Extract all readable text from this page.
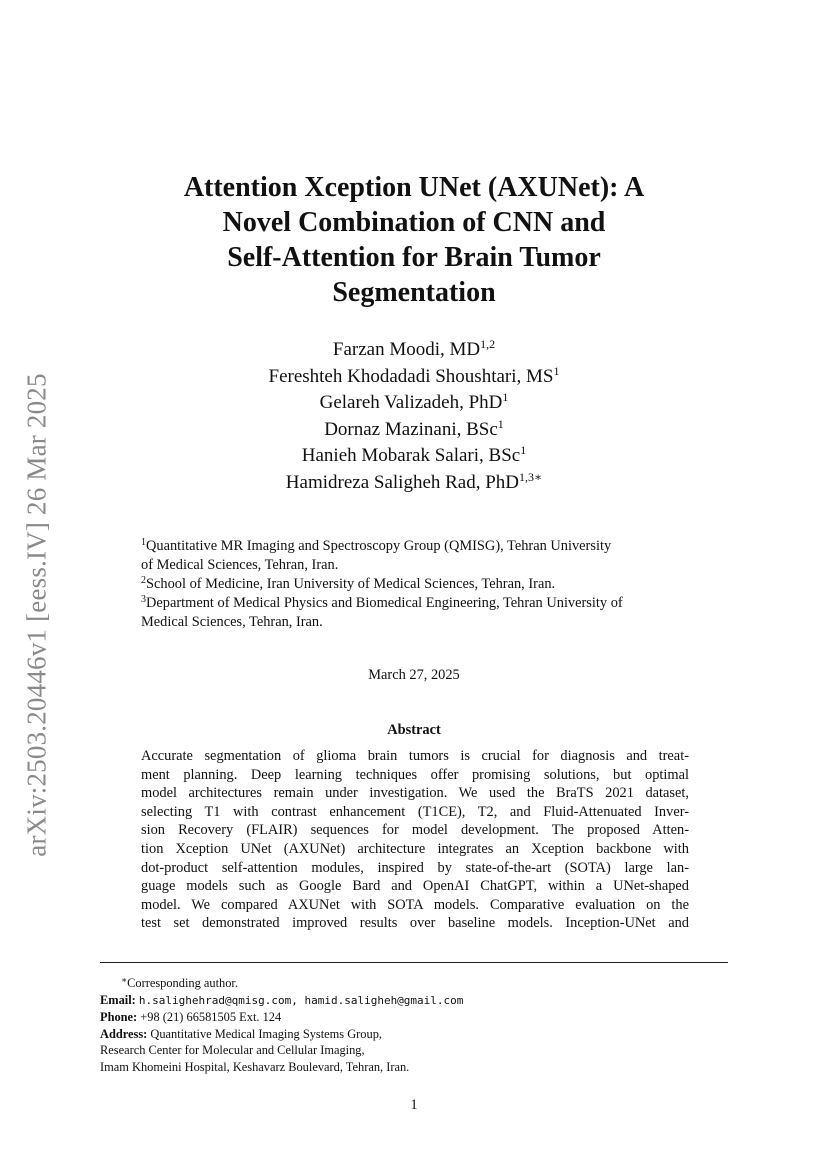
arXiv:2503.20446v1 [eess.IV] 26 Mar 2025
Attention Xception UNet (AXUNet): A
Novel Combination of CNN and
Self-Attention for Brain Tumor
Segmentation
Farzan Moodi, MD$^{1,2}$
Fereshteh Khodadadi Shoushtari, $MS^1$
Gelareh Valizadeh, PhD$^1$
Dornaz Mazinani, BSc$^1$
Hanieh Mobarak Salari, BSc$^1$
Hamidreza Saligheh Rad, PhD$^{1,3∗}$
$^1$Quantitative MR Imaging and Spectroscopy Group (QMISG), Tehran University
of Medical Sciences, Tehran, Iran.
$^2$School of Medicine, Iran University of Medical Sciences, Tehran, Iran.
$^3$Department of Medical Physics and Biomedical Engineering, Tehran University of
Medical Sciences, Tehran, Iran.
March 27, 2025
Abstract
Accurate segmentation of glioma brain tumors is crucial for diagnosis and treat-
ment planning. Deep learning techniques offer promising solutions, but optimal
model architectures remain under investigation. We used the BraTS 2021 dataset,
selecting T1 with contrast enhancement (T1CE), T2, and Fluid-Attenuated Inver-
sion Recovery (FLAIR) sequences for model development. The proposed Atten-
tion Xception UNet (AXUNet) architecture integrates an Xception backbone with
dot-product self-attention modules, inspired by state-of-the-art (SOTA) large lan-
guage models such as Google Bard and OpenAI ChatGPT, within a UNet-shaped
model. We compared AXUNet with SOTA models. Comparative evaluation on the
test set demonstrated improved results over baseline models. Inception-UNet and
∗Corresponding author.
Email: h.salighehrad@qmisg.com, hamid.saligheh@gmail.com
Phone: +98 (21) 66581505 Ext. 124
Address: Quantitative Medical Imaging Systems Group,
Research Center for Molecular and Cellular Imaging,
Imam Khomeini Hospital, Keshavarz Boulevard, Tehran, Iran.
1
